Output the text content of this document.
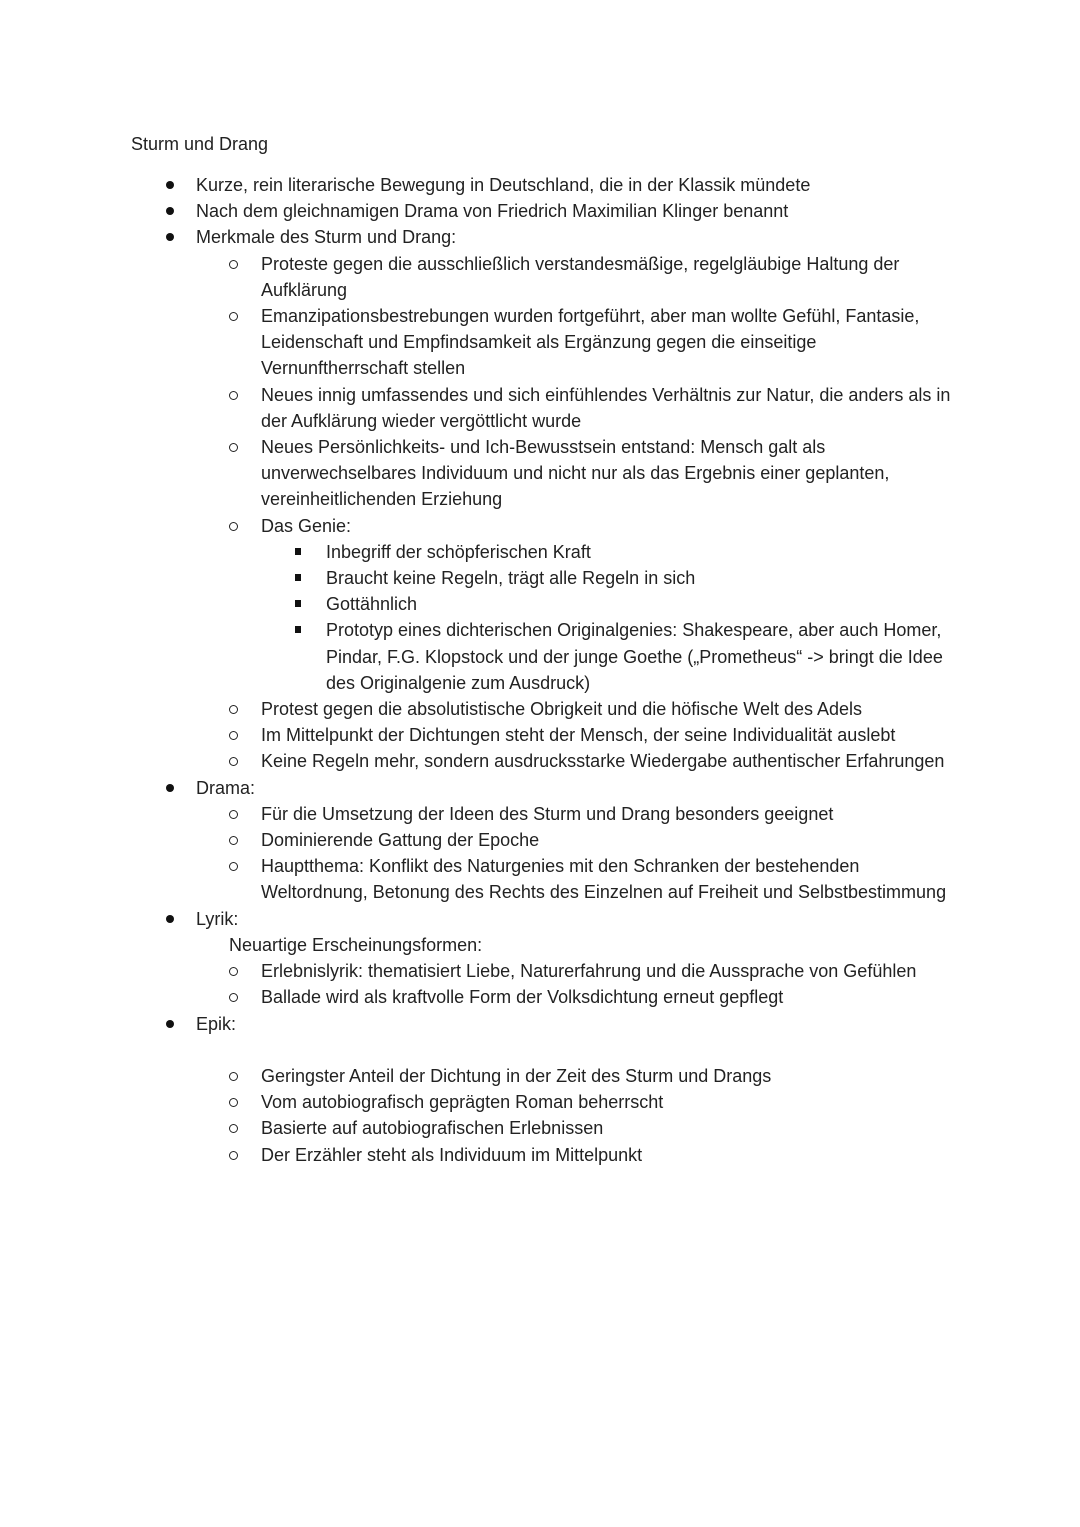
Sturm und Drang
Kurze, rein literarische Bewegung in Deutschland, die in der Klassik mündete
Nach dem gleichnamigen Drama von Friedrich Maximilian Klinger benannt
Merkmale des Sturm und Drang:
Proteste gegen die ausschließlich verstandesmäßige, regelgläubige Haltung der Aufklärung
Emanzipationsbestrebungen wurden fortgeführt, aber man wollte Gefühl, Fantasie, Leidenschaft und Empfindsamkeit als Ergänzung gegen die einseitige Vernunftherrschaft stellen
Neues innig umfassendes und sich einfühlendes Verhältnis zur Natur, die anders als in der Aufklärung wieder vergöttlicht wurde
Neues Persönlichkeits- und Ich-Bewusstsein entstand: Mensch galt als unverwechselbares Individuum und nicht nur als das Ergebnis einer geplanten, vereinheitlichenden Erziehung
Das Genie:
Inbegriff der schöpferischen Kraft
Braucht keine Regeln, trägt alle Regeln in sich
Gottähnlich
Prototyp eines dichterischen Originalgenies: Shakespeare, aber auch Homer, Pindar, F.G. Klopstock und der junge Goethe („Prometheus“ -> bringt die Idee des Originalgenie zum Ausdruck)
Protest gegen die absolutistische Obrigkeit und die höfische Welt des Adels
Im Mittelpunkt der Dichtungen steht der Mensch, der seine Individualität auslebt
Keine Regeln mehr, sondern ausdrucksstarke Wiedergabe authentischer Erfahrungen
Drama:
Für die Umsetzung der Ideen des Sturm und Drang besonders geeignet
Dominierende Gattung der Epoche
Hauptthema: Konflikt des Naturgenies mit den Schranken der bestehenden Weltordnung, Betonung des Rechts des Einzelnen auf Freiheit und Selbstbestimmung
Lyrik:
Neuartige Erscheinungsformen:
Erlebnislyrik: thematisiert Liebe, Naturerfahrung und die Aussprache von Gefühlen
Ballade wird als kraftvolle Form der Volksdichtung erneut gepflegt
Epik:
Geringster Anteil der Dichtung in der Zeit des Sturm und Drangs
Vom autobiografisch geprägten Roman beherrscht
Basierte auf autobiografischen Erlebnissen
Der Erzähler steht als Individuum im Mittelpunkt
